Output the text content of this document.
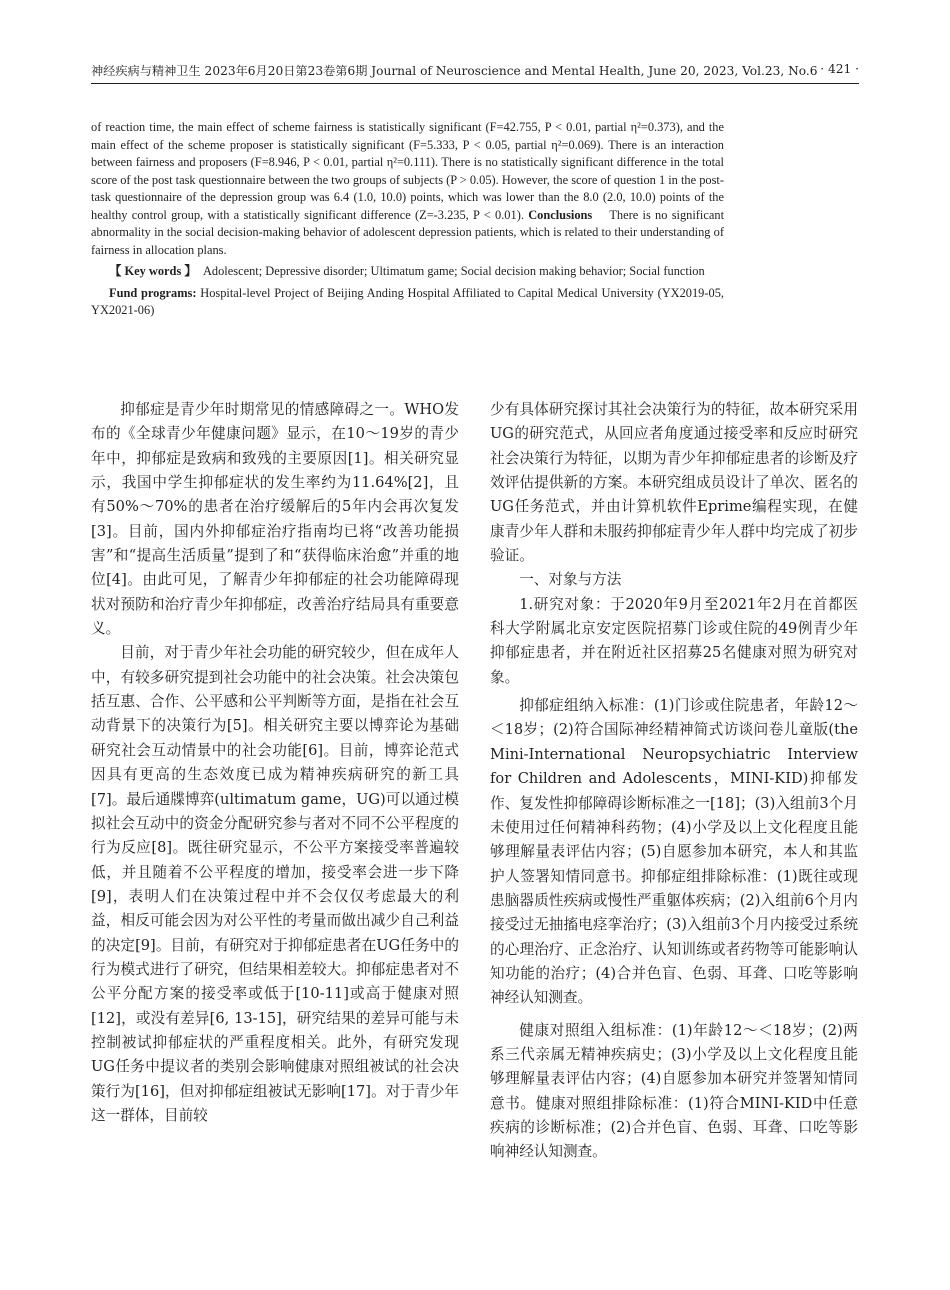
神经疾病与精神卫生 2023年6月20日第23卷第6期 Journal of Neuroscience and Mental Health, June 20, 2023, Vol.23, No.6 · 421 ·

of reaction time, the main effect of scheme fairness is statistically significant (F=42.755, P < 0.01, partial η²=0.373), and the main effect of the scheme proposer is statistically significant (F=5.333, P < 0.05, partial η²=0.069). There is an interaction between fairness and proposers (F=8.946, P < 0.01, partial η²=0.111). There is no statistically significant difference in the total score of the post task questionnaire between the two groups of subjects (P > 0.05). However, the score of question 1 in the post-task questionnaire of the depression group was 6.4 (1.0, 10.0) points, which was lower than the 8.0 (2.0, 10.0) points of the healthy control group, with a statistically significant difference (Z=-3.235, P < 0.01). Conclusions There is no significant abnormality in the social decision-making behavior of adolescent depression patients, which is related to their understanding of fairness in allocation plans.

【 Key words 】 Adolescent; Depressive disorder; Ultimatum game; Social decision making behavior; Social function

Fund programs: Hospital-level Project of Beijing Anding Hospital Affiliated to Capital Medical University (YX2019-05, YX2021-06)

抑郁症是青少年时期常见的情感障碍之一。WHO发布的《全球青少年健康问题》显示，在10～19岁的青少年中，抑郁症是致病和致残的主要原因[1]。相关研究显示，我国中学生抑郁症状的发生率约为11.64%[2]，且有50%～70%的患者在治疗缓解后的5年内会再次复发[3]。目前，国内外抑郁症治疗指南均已将“改善功能损害”和“提高生活质量”提到了和“获得临床治愈”并重的地位[4]。由此可见，了解青少年抑郁症的社会功能障碍现状对预防和治疗青少年抑郁症，改善治疗结局具有重要意义。

目前，对于青少年社会功能的研究较少，但在成年人中，有较多研究提到社会功能中的社会决策。社会决策包括互惠、合作、公平感和公平判断等方面，是指在社会互动背景下的决策行为[5]。相关研究主要以博弈论为基础研究社会互动情景中的社会功能[6]。目前，博弈论范式因具有更高的生态效度已成为精神疾病研究的新工具[7]。最后通牒博弈(ultimatum game，UG)可以通过模拟社会互动中的资金分配研究参与者对不同不公平程度的行为反应[8]。既往研究显示，不公平方案接受率普遍较低，并且随着不公平程度的增加，接受率会进一步下降[9]，表明人们在决策过程中并不会仅仅考虑最大的利益，相反可能会因为对公平性的考量而做出减少自己利益的决定[9]。目前，有研究对于抑郁症患者在UG任务中的行为模式进行了研究，但结果相差较大。抑郁症患者对不公平分配方案的接受率或低于[10-11]或高于健康对照[12]，或没有差异[6, 13-15]，研究结果的差异可能与未控制被试抑郁症状的严重程度相关。此外，有研究发现UG任务中提议者的类别会影响健康对照组被试的社会决策行为[16]，但对抑郁症组被试无影响[17]。对于青少年这一群体，目前较

少有具体研究探讨其社会决策行为的特征，故本研究采用UG的研究范式，从回应者角度通过接受率和反应时研究社会决策行为特征，以期为青少年抑郁症患者的诊断及疗效评估提供新的方案。本研究组成员设计了单次、匿名的UG任务范式，并由计算机软件Eprime编程实现，在健康青少年人群和未服药抑郁症青少年人群中均完成了初步验证。

一、对象与方法

1.研究对象：于2020年9月至2021年2月在首都医科大学附属北京安定医院招募门诊或住院的49例青少年抑郁症患者，并在附近社区招募25名健康对照为研究对象。

抑郁症组纳入标准：(1)门诊或住院患者，年龄12～＜18岁；(2)符合国际神经精神简式访谈问卷儿童版(the Mini-International Neuropsychiatric Interview for Children and Adolescents，MINI-KID)抑郁发作、复发性抑郁障碍诊断标准之一[18]；(3)入组前3个月未使用过任何精神科药物；(4)小学及以上文化程度且能够理解量表评估内容；(5)自愿参加本研究，本人和其监护人签署知情同意书。抑郁症组排除标准：(1)既往或现患脑器质性疾病或慢性严重躯体疾病；(2)入组前6个月内接受过无抽搐电痉挛治疗；(3)入组前3个月内接受过系统的心理治疗、正念治疗、认知训练或者药物等可能影响认知功能的治疗；(4)合并色盲、色弱、耳聋、口吃等影响神经认知测查。

健康对照组入组标准：(1)年龄12～＜18岁；(2)两系三代亲属无精神疾病史；(3)小学及以上文化程度且能够理解量表评估内容；(4)自愿参加本研究并签署知情同意书。健康对照组排除标准：(1)符合MINI-KID中任意疾病的诊断标准；(2)合并色盲、色弱、耳聋、口吃等影响神经认知测查。
